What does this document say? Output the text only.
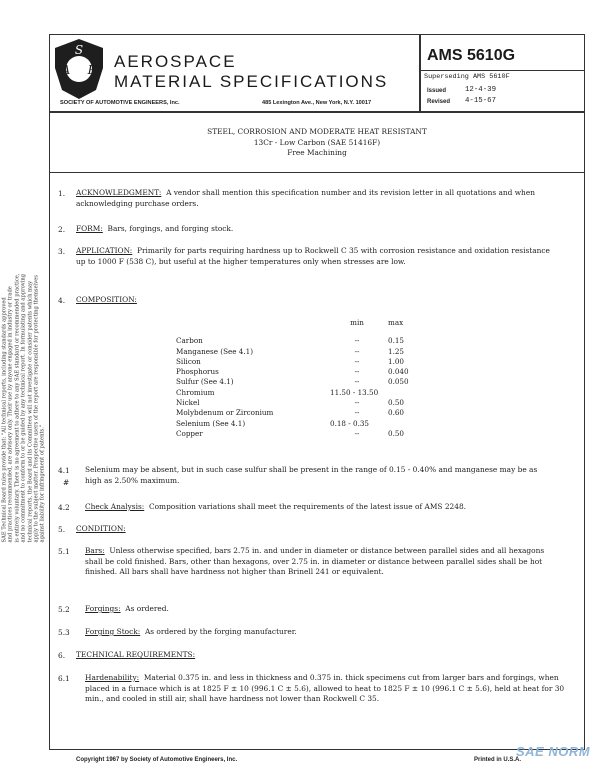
S
A E AEROSPACE
MATERIAL SPECIFICATIONS
SOCIETY OF AUTOMOTIVE ENGINEERS, Inc.	485 Lexington Ave., New York, N.Y. 10017
AMS 5610G
Superseding AMS 5610F
Issued	12-4-39
Revised 4-15-67
STEEL, CORROSION AND MODERATE HEAT RESISTANT
13Cr - Low Carbon (SAE 51416F)
Free Machining
SAE Technical Board rules provide that: "All technical reports, including standards approved and practices recommended, are advisory only. Their use by anyone engaged in industry or trade is entirely voluntary. There is no agreement to adhere to any SAE standard or recommended practice, and no commitment to conform to or be guided by any technical report. In formulating and approving technical reports, the Board and its Committees will not investigate or consider patents which may apply to the subject matter. Prospective users of the report are responsible for protecting themselves against liability for infringement of patents."
1. ACKNOWLEDGMENT: A vendor shall mention this specification number and its revision letter in all quotations and when acknowledging purchase orders.
2. FORM: Bars, forgings, and forging stock.
3. APPLICATION: Primarily for parts requiring hardness up to Rockwell C 35 with corrosion resistance and oxidation resistance up to 1000 F (538 C), but useful at the higher temperatures only when stresses are low.
4. COMPOSITION:
	min	max

Carbon	--	0.15
Manganese (See 4.1)	--	1.25
Silicon	--	1.00
Phosphorus	--	0.040
Sulfur (See 4.1)	--	0.050
Chromium	11.50 - 13.50	
Nickel	--	0.50
Molybdenum or Zirconium	--	0.60
Selenium (See 4.1)	0.18 - 0.35	
Copper	--	0.50
4.1
#
Selenium may be absent, but in such case sulfur shall be present in the range of 0.15 - 0.40% and manganese may be as high as 2.50% maximum.
4.2 Check Analysis: Composition variations shall meet the requirements of the latest issue of AMS 2248.
5. CONDITION:
5.1 Bars: Unless otherwise specified, bars 2.75 in. and under in diameter or distance between parallel sides and all hexagons shall be cold finished. Bars, other than hexagons, over 2.75 in. in diameter or distance between parallel sides shall be hot finished. All bars shall have hardness not higher than Brinell 241 or equivalent.
5.2 Forgings: As ordered.
5.3 Forging Stock: As ordered by the forging manufacturer.
6. TECHNICAL REQUIREMENTS:
6.1 Hardenability: Material 0.375 in. and less in thickness and 0.375 in. thick specimens cut from larger bars and forgings, when placed in a furnace which is at 1825 F ± 10 (996.1 C ± 5.6), allowed to heat to 1825 F ± 10 (996.1 C ± 5.6), held at heat for 30 min., and cooled in still air, shall have hardness not lower than Rockwell C 35.
Copyright 1967 by Society of Automotive Engineers, Inc.	Printed in U.S.A.
SAE NORM
